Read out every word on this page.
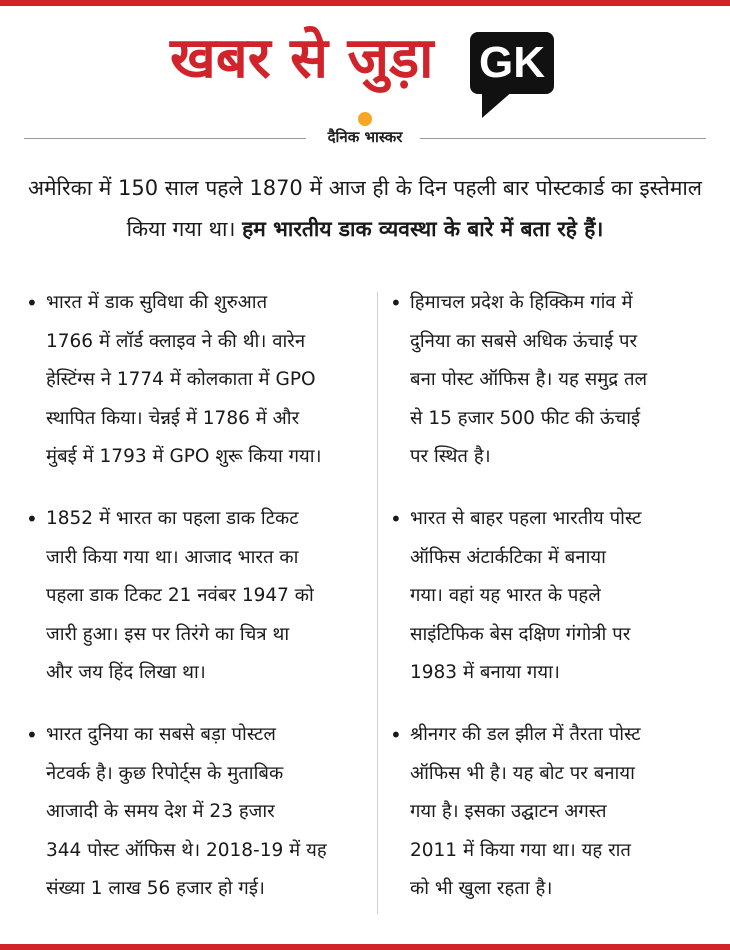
खबर से जुड़ा GK
दैनिक भास्कर
अमेरिका में 150 साल पहले 1870 में आज ही के दिन पहली बार पोस्टकार्ड का इस्तेमाल किया गया था। हम भारतीय डाक व्यवस्था के बारे में बता रहे हैं।
• भारत में डाक सुविधा की शुरुआत
1766 में लॉर्ड क्लाइव ने की थी। वारेन
हेस्टिंग्स ने 1774 में कोलकाता में GPO
स्थापित किया। चेन्नई में 1786 में और
मुंबई में 1793 में GPO शुरू किया गया।
• 1852 में भारत का पहला डाक टिकट
जारी किया गया था। आजाद भारत का
पहला डाक टिकट 21 नवंबर 1947 को
जारी हुआ। इस पर तिरंगे का चित्र था
और जय हिंद लिखा था।
• भारत दुनिया का सबसे बड़ा पोस्टल
नेटवर्क है। कुछ रिपोर्ट्स के मुताबिक
आजादी के समय देश में 23 हजार
344 पोस्ट ऑफिस थे। 2018-19 में यह
संख्या 1 लाख 56 हजार हो गई।
• हिमाचल प्रदेश के हिक्किम गांव में
दुनिया का सबसे अधिक ऊंचाई पर
बना पोस्ट ऑफिस है। यह समुद्र तल
से 15 हजार 500 फीट की ऊंचाई
पर स्थित है।
• भारत से बाहर पहला भारतीय पोस्ट
ऑफिस अंटार्कटिका में बनाया
गया। वहां यह भारत के पहले
साइंटिफिक बेस दक्षिण गंगोत्री पर
1983 में बनाया गया।
• श्रीनगर की डल झील में तैरता पोस्ट
ऑफिस भी है। यह बोट पर बनाया
गया है। इसका उद्घाटन अगस्त
2011 में किया गया था। यह रात
को भी खुला रहता है।
